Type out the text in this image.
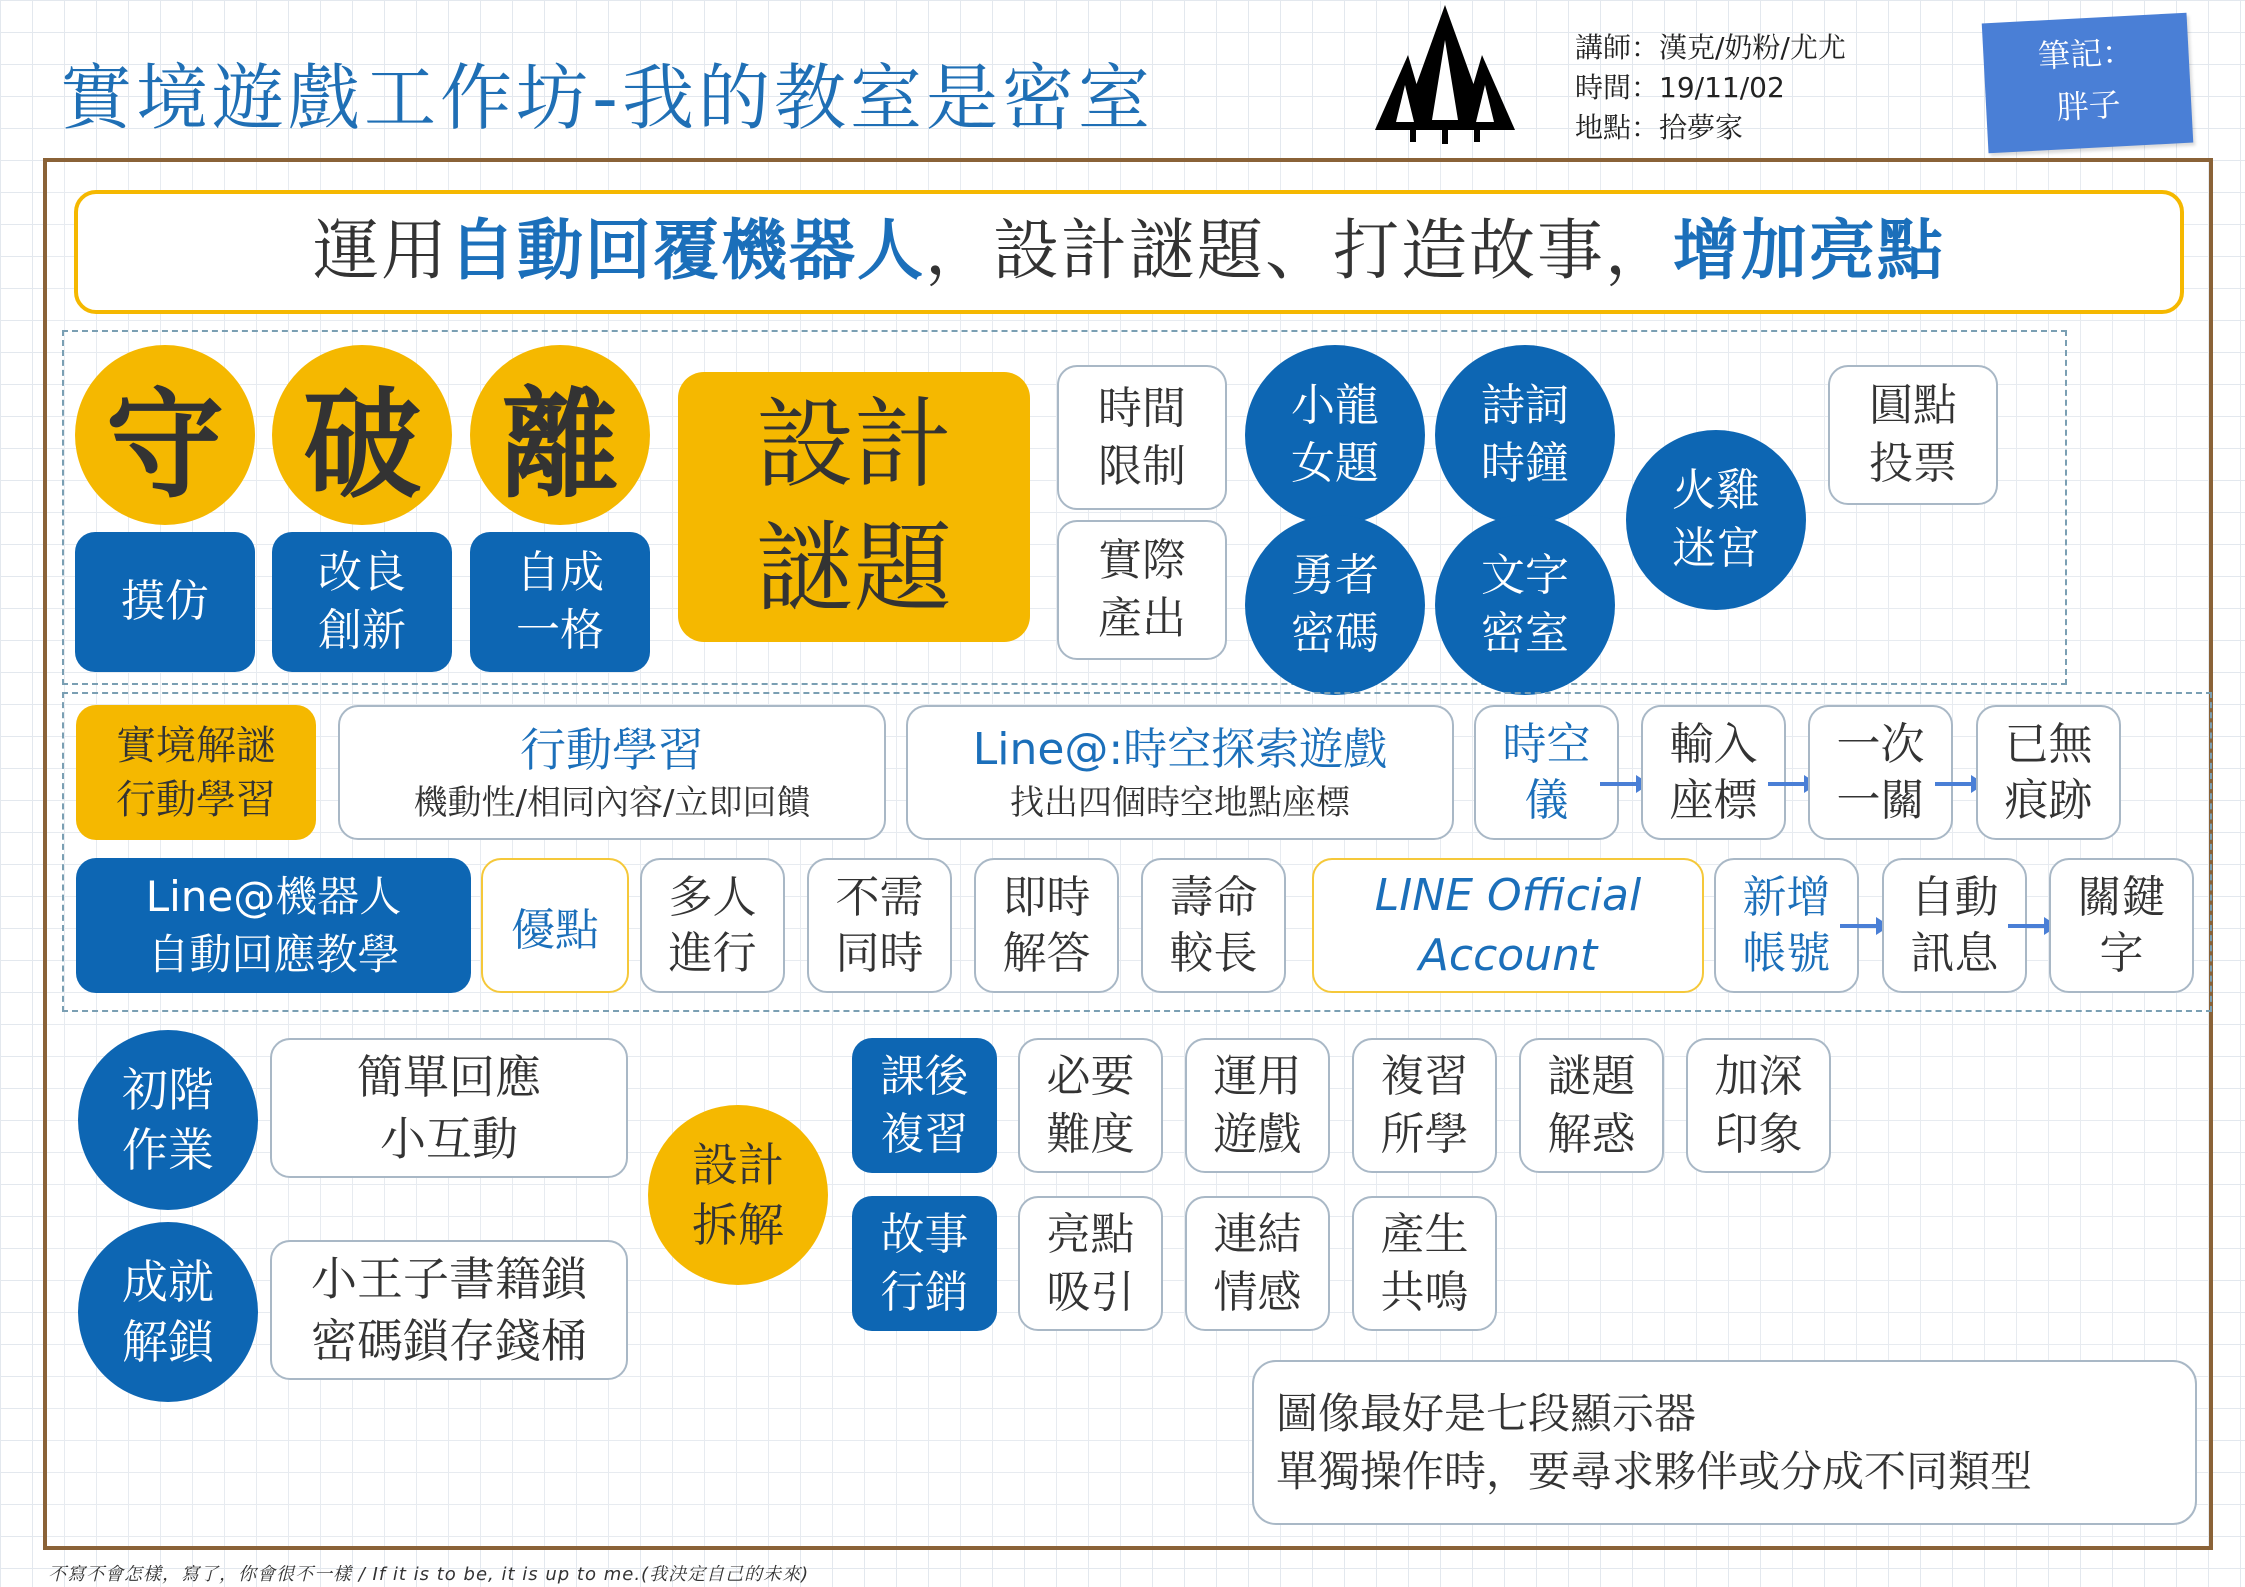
實境遊戲工作坊-我的教室是密室
講師：漢克/奶粉/尤尤
時間：19/11/02
地點：拾夢家
筆記：
胖子
運用自動回覆機器人，設計謎題、打造故事，增加亮點
守 破 離
摸仿
改良
創新
自成
一格
設計
謎題
時間
限制
實際
產出
小龍
女題
詩詞
時鐘
勇者
密碼
文字
密室
火雞
迷宮
圓點
投票
實境解謎
行動學習
行動學習
機動性/相同內容/立即回饋
Line@:時空探索遊戲
找出四個時空地點座標
時空
儀
輸入
座標
一次
一關
已無
痕跡
Line@機器人
自動回應教學	優點
多人
進行
不需
同時
即時
解答
壽命
較長
LINE Official
Account
新增
帳號
自動
訊息
關鍵
字
初階
作業
簡單回應
小互動
成就
解鎖
小王子書籍鎖
密碼鎖存錢桶
設計
拆解
課後
複習
必要
難度
運用
遊戲
複習
所學
謎題
解惑
加深
印象
故事
行銷
亮點
吸引
連結
情感
產生
共鳴
圖像最好是七段顯示器
單獨操作時，要尋求夥伴或分成不同類型
不寫不會怎樣，寫了，你會很不一樣 / If it is to be, it is up to me.(我決定自己的未來)
